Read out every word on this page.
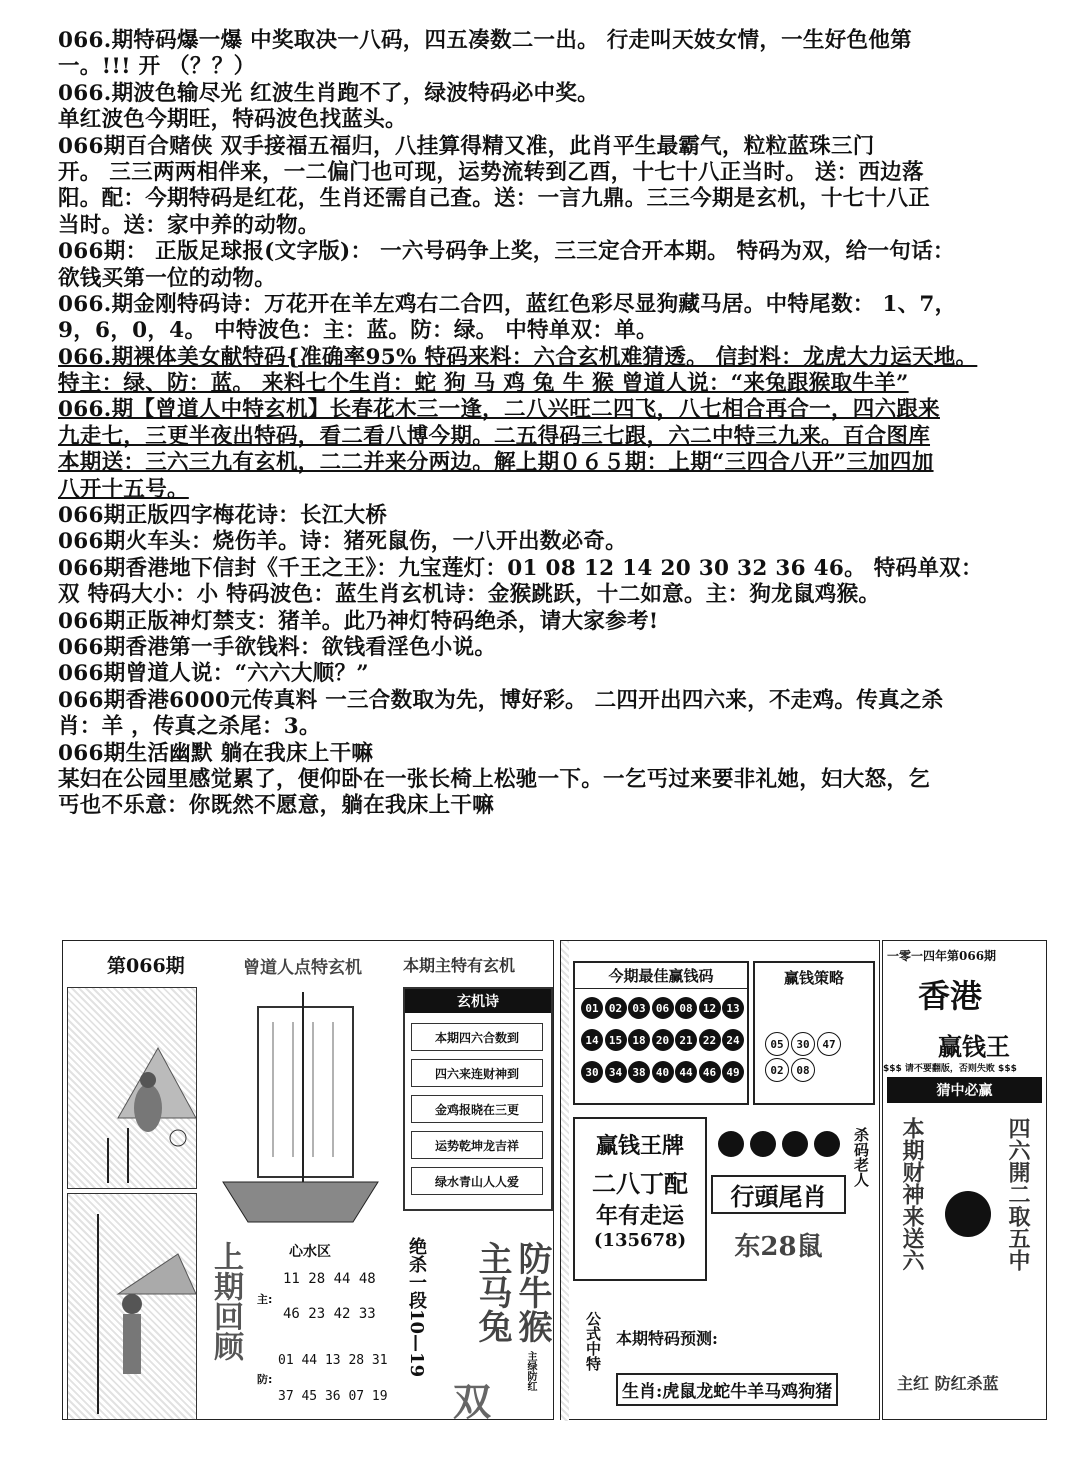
066.期特码爆一爆 中奖取决一八码，四五凑数二一出。 行走叫天妓女情，一生好色他第
一。!!! 开 （？？）
066.期波色输尽光 红波生肖跑不了，绿波特码必中奖。
单红波色今期旺，特码波色找蓝头。
066期百合赌侠 双手接福五福归，八挂算得精又准，此肖平生最霸气，粒粒蓝珠三门
开。 三三两两相伴来，一二偏门也可现，运势流转到乙酉，十七十八正当时。 送：西边落
阳。配：今期特码是红花，生肖还需自己查。送：一言九鼎。三三今期是玄机，十七十八正
当时。送：家中养的动物。
066期： 正版足球报(文字版)： 一六号码争上奖，三三定合开本期。 特码为双，给一句话：
欲钱买第一位的动物。
066.期金刚特码诗：万花开在羊左鸡右二合四，蓝红色彩尽显狗藏马居。中特尾数： 1、7，
9，6，0，4。 中特波色：主：蓝。防：绿。 中特单双：单。
066.期裸体美女献特码{准确率95% 特码来料：六合玄机难猜透。 信封料：龙虎大力运天地。
特主：绿、防：蓝。 来料七个生肖：蛇 狗 马 鸡 兔 牛 猴 曾道人说：“来兔跟猴取牛羊”
066.期【曾道人中特玄机】长春花木三一逢，二八兴旺二四飞，八七相合再合一，四六跟来
九走七，三更半夜出特码，看二看八博今期。二五得码三七跟，六二中特三九来。百合图库
本期送：三六三九有玄机，二二并来分两边。解上期０６５期：上期“三四合八开”三加四加
八开十五号。
066期正版四字梅花诗：长江大桥
066期火车头：烧伤羊。诗：猪死鼠伤，一八开出数必奇。
066期香港地下信封《千王之王》：九宝莲灯：01 08 12 14 20 30 32 36 46。 特码单双：
双 特码大小：小 特码波色：蓝生肖玄机诗：金猴跳跃，十二如意。主：狗龙鼠鸡猴。
066期正版神灯禁支：猪羊。此乃神灯特码绝杀，请大家参考!
066期香港第一手欲钱料：欲钱看淫色小说。
066期曾道人说：“六六大顺？”
066期香港6000元传真料 一三合数取为先，博好彩。 二四开出四六来，不走鸡。传真之杀
肖：羊 ，传真之杀尾：3。
066期生活幽默 躺在我床上干嘛
某妇在公园里感觉累了，便仰卧在一张长椅上松驰一下。一乞丐过来要非礼她，妇大怒，乞
丐也不乐意：你既然不愿意，躺在我床上干嘛
第066期	曾道人点特玄机	本期主特有玄机
玄机诗
本期四六合数到
四六来连财神到
金鸡报晓在三更
运势乾坤龙吉祥
绿水青山人人爱
上期回顾	心水区
主:
11 28 44 48
46 23 42 33
防:
01 44 13 28 31
37 45 36 07 19
绝杀一段10—19 主马兔 防牛猴
双
主绿防红
今期最佳赢钱码
01 02 03 06 08 12 13
14 15 18 20 21 22 24
30 34 38 40 44 46 49
赢钱策略
05	30	47
02	08
赢钱王牌
二八丁配
年有走运
(135678)
行頭尾肖
东28鼠
杀码老人
公式中特 本期特码预测:
生肖:虎鼠龙蛇牛羊马鸡狗猪
一零一四年第066期
香港
赢钱王
$$$ 请不要翻版，否则失败 $$$
猜中必赢
本期财神来送六	四六開二取五中
主红 防红杀蓝
